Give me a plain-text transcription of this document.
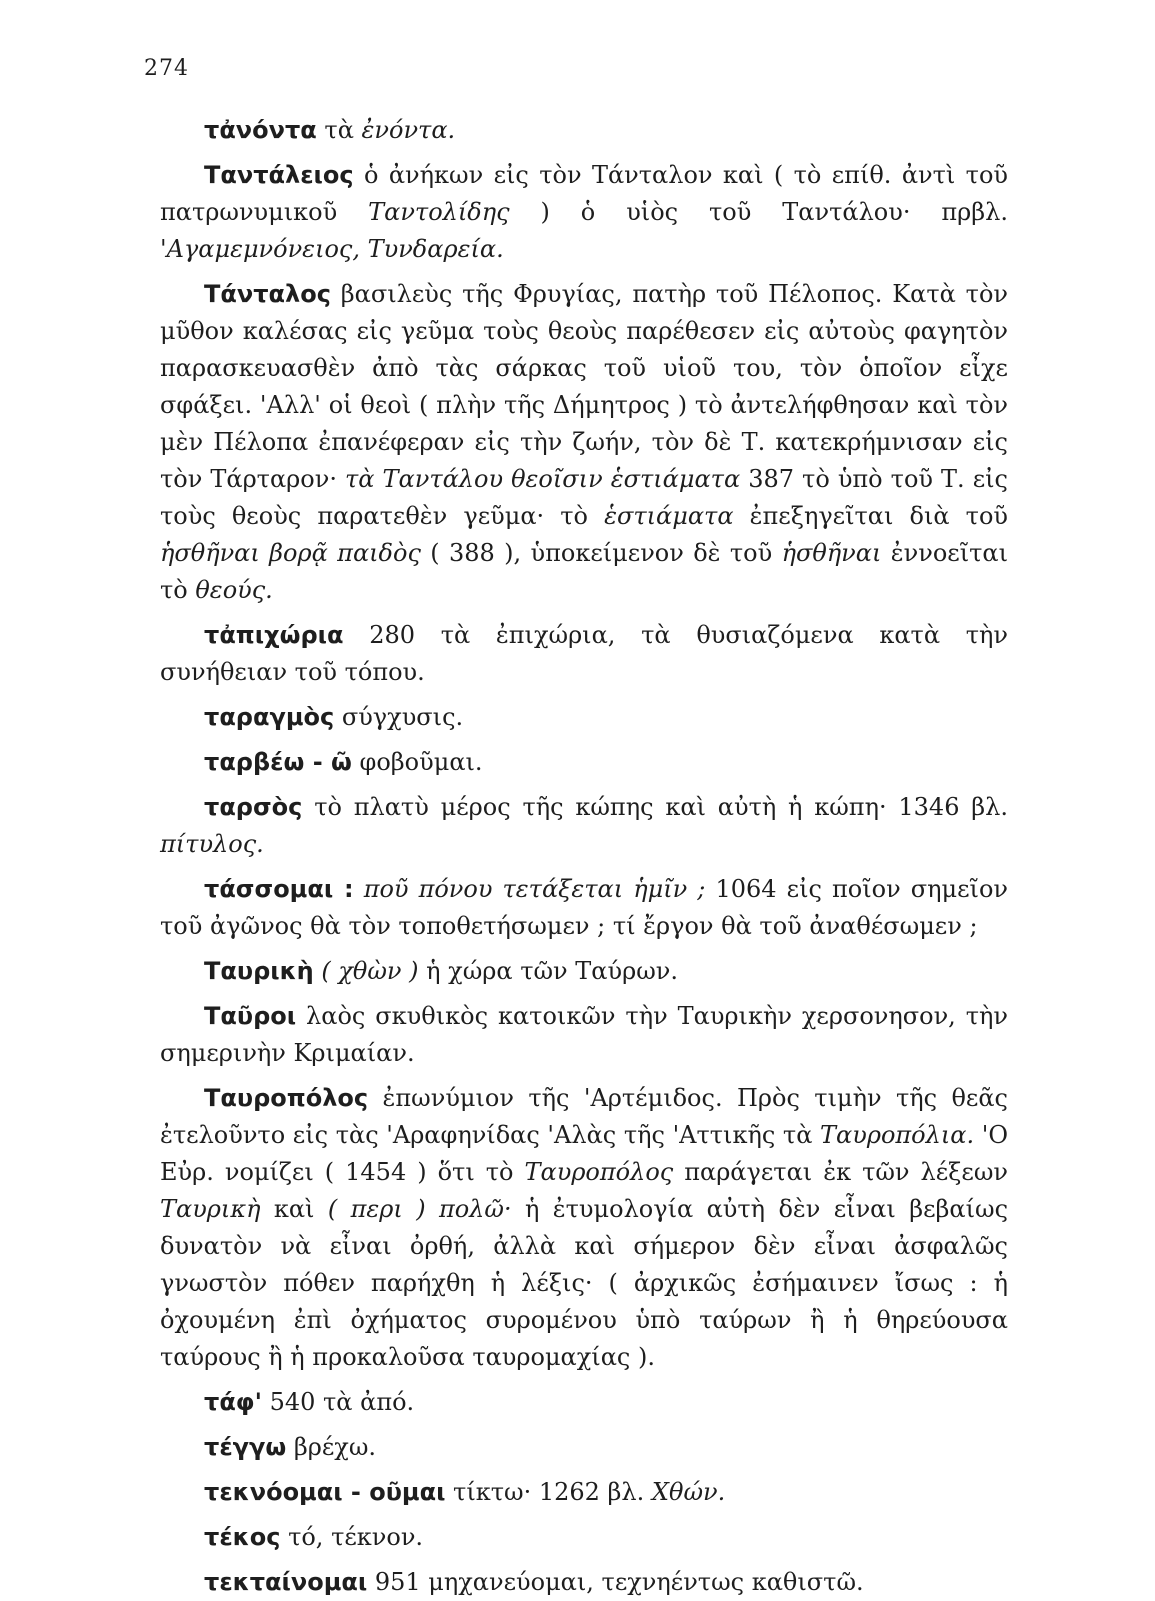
274

τἀνόντα τὰ ἐνόντα.

Ταντάλειος ὁ ἀνήκων εἰς τὸν Τάνταλον καὶ ( τὸ επίθ. ἀντὶ τοῦ πατρωνυμικοῦ Ταντολίδης ) ὁ υἱὸς τοῦ Ταντάλου· πρβλ. 'Αγαμεμνόνειος, Τυνδαρεία.

Τάνταλος βασιλεὺς τῆς Φρυγίας, πατὴρ τοῦ Πέλοπος. Κατὰ τὸν μῦθον καλέσας εἰς γεῦμα τοὺς θεοὺς παρέθεσεν εἰς αὐτοὺς φαγητὸν παρασκευασθὲν ἀπὸ τὰς σάρκας τοῦ υἱοῦ του, τὸν ὁποῖον εἶχε σφάξει. 'Αλλ' οἱ θεοὶ ( πλὴν τῆς Δήμητρος ) τὸ ἀντελήφθησαν καὶ τὸν μὲν Πέλοπα ἐπανέφεραν εἰς τὴν ζωήν, τὸν δὲ Τ. κατεκρήμνισαν εἰς τὸν Τάρταρον· τὰ Ταντάλου θεοῖσιν ἑστιάματα 387 τὸ ὑπὸ τοῦ Τ. εἰς τοὺς θεοὺς παρατεθὲν γεῦμα· τὸ ἑστιάματα ἐπεξηγεῖται διὰ τοῦ ἡσθῆναι βορᾷ παιδὸς ( 388 ), ὑποκείμενον δὲ τοῦ ἡσθῆναι ἐννοεῖται τὸ θεούς.

τἀπιχώρια 280 τὰ ἐπιχώρια, τὰ θυσιαζόμενα κατὰ τὴν συνήθειαν τοῦ τόπου.

ταραγμὸς σύγχυσις.

ταρβέω - ῶ φοβοῦμαι.

ταρσὸς τὸ πλατὺ μέρος τῆς κώπης καὶ αὐτὴ ἡ κώπη· 1346 βλ. πίτυλος.

τάσσομαι : ποῦ πόνου τετάξεται ἡμῖν ; 1064 εἰς ποῖον σημεῖον τοῦ ἀγῶνος θὰ τὸν τοποθετήσωμεν ; τί ἔργον θὰ τοῦ ἀναθέσωμεν ;

Ταυρικὴ ( χθὼν ) ἡ χώρα τῶν Ταύρων.

Ταῦροι λαὸς σκυθικὸς κατοικῶν τὴν Ταυρικὴν χερσονησον, τὴν σημερινὴν Κριμαίαν.

Ταυροπόλος ἐπωνύμιον τῆς 'Αρτέμιδος. Πρὸς τιμὴν τῆς θεᾶς ἐτελοῦντο εἰς τὰς 'Αραφηνίδας 'Αλὰς τῆς 'Αττικῆς τὰ Ταυροπόλια. 'Ο Εὐρ. νομίζει ( 1454 ) ὅτι τὸ Ταυροπόλος παράγεται ἐκ τῶν λέξεων Ταυρικὴ καὶ ( περι ) πολῶ· ἡ ἐτυμολογία αὐτὴ δὲν εἶναι βεβαίως δυνατὸν νὰ εἶναι ὀρθή, ἀλλὰ καὶ σήμερον δὲν εἶναι ἀσφαλῶς γνωστὸν πόθεν παρήχθη ἡ λέξις· ( ἀρχικῶς ἐσήμαινεν ἴσως : ἡ ὀχουμένη ἐπὶ ὀχήματος συρομένου ὑπὸ ταύρων ἢ ἡ θηρεύουσα ταύρους ἢ ἡ προκαλοῦσα ταυρομαχίας ).

τάφ' 540 τὰ ἀπό.

τέγγω βρέχω.

τεκνόομαι - οῦμαι τίκτω· 1262 βλ. Χθών.

τέκος τό, τέκνον.

τεκταίνομαι 951 μηχανεύομαι, τεχνηέντως καθιστῶ.
